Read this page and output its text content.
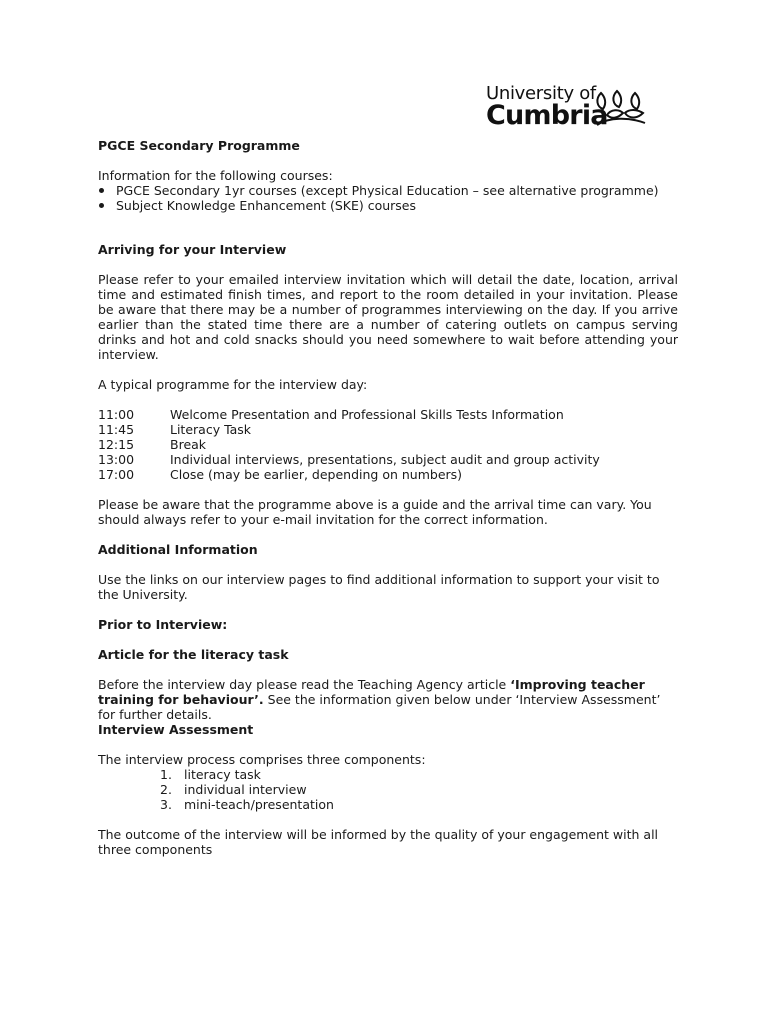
University of
Cumbria

PGCE Secondary Programme

Information for the following courses:

PGCE Secondary 1yr courses (except Physical Education – see alternative programme)
Subject Knowledge Enhancement (SKE) courses

Arriving for your Interview

Please refer to your emailed interview invitation which will detail the date, location, arrival time and estimated finish times, and report to the room detailed in your invitation. Please be aware that there may be a number of programmes interviewing on the day. If you arrive earlier than the stated time there are a number of catering outlets on campus serving drinks and hot and cold snacks should you need somewhere to wait before attending your interview.

A typical programme for the interview day:

11:00	Welcome Presentation and Professional Skills Tests Information
11:45	Literacy Task
12:15	Break
13:00	Individual interviews, presentations, subject audit and group activity
17:00	Close (may be earlier, depending on numbers)

Please be aware that the programme above is a guide and the arrival time can vary. You should always refer to your e-mail invitation for the correct information.

Additional Information

Use the links on our interview pages to find additional information to support your visit to the University.

Prior to Interview:

Article for the literacy task

Before the interview day please read the Teaching Agency article ‘Improving teacher training for behaviour’. See the information given below under ‘Interview Assessment’ for further details.

Interview Assessment

The interview process comprises three components:

1. literacy task
2. individual interview
3. mini-teach/presentation

The outcome of the interview will be informed by the quality of your engagement with all three components
